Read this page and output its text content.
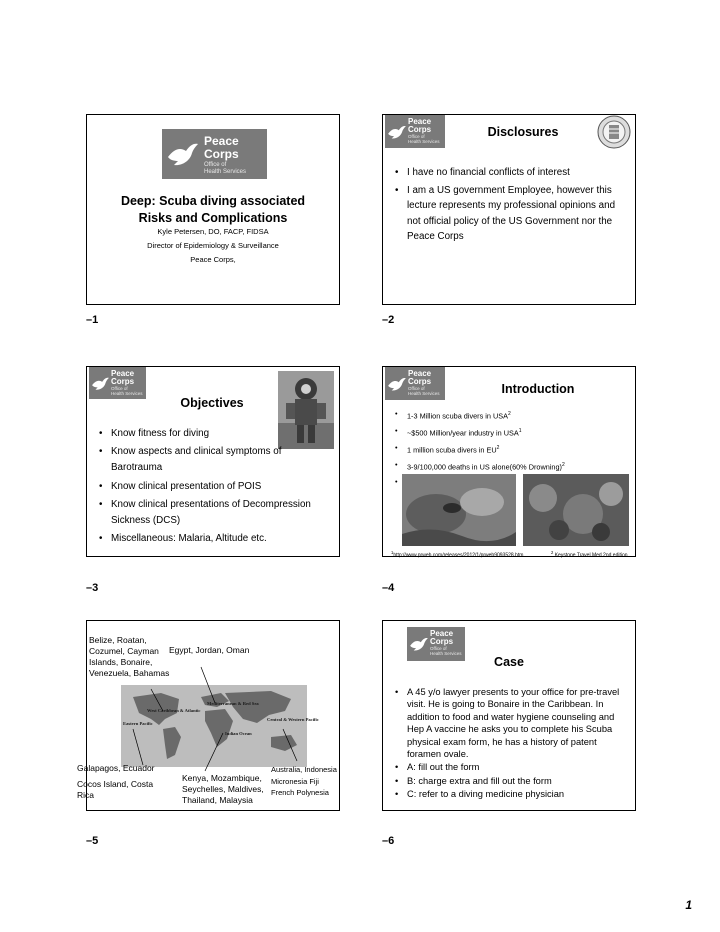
Peace
Corps
Office of
Health Services
Deep: Scuba diving associated
Risks and Complications
Kyle Petersen, DO, FACP, FIDSA
Director of Epidemiology & Surveillance
Peace Corps,
–1
Peace
Corps
Office of
Health Services
Disclosures
• I have no financial conflicts of interest
• I am a US government Employee, however this lecture represents my professional opinions and not official policy of the US Government nor the Peace Corps
–2
Peace
Corps
Office of
Health Services
Objectives
• Know fitness for diving
• Know aspects and clinical symptoms of Barotrauma
• Know clinical presentation of POIS
• Know clinical presentations of Decompression Sickness (DCS)
• Miscellaneous: Malaria, Altitude etc.
–3
Peace
Corps
Office of
Health Services	Introduction
• 1-3 Million scuba divers in USA$^2$
• ~$500 Million/year industry in USA$^1$
• 1 million scuba divers in $EU^2$
• 3-9/100,000 deaths in US alone(60% Drowning)$^2$
•
$^1$http://www.prweb.com/releases/2012/1/prweb9093528.htm
$^2$ Keystone Travel Med 2nd edition
–4
Belize, Roatan, Cozumel, Cayman Islands, Bonaire, Venezuela, Bahamas
Egypt, Jordan, Oman
West Caribbean & Atlantic
Eastern Pacific
Mediterranean & Red Sea
Indian Ocean
Central & Western Pacific
Galapagos, Ecuador
Cocos Island, Costa Rica
Kenya, Mozambique, Seychelles, Maldives, Thailand, Malaysia
Australia, Indonesia Micronesia Fiji French Polynesia
–5
Peace
Corps
Office of
Health Services
Case
• A 45 y/o lawyer presents to your office for pre-travel visit. He is going to Bonaire in the Caribbean. In addition to food and water hygiene counseling and Hep A vaccine he asks you to complete his Scuba physical exam form, he has a history of patent foramen ovale.
• A: fill out the form
• B: charge extra and fill out the form
• C: refer to a diving medicine physician
–6
1
